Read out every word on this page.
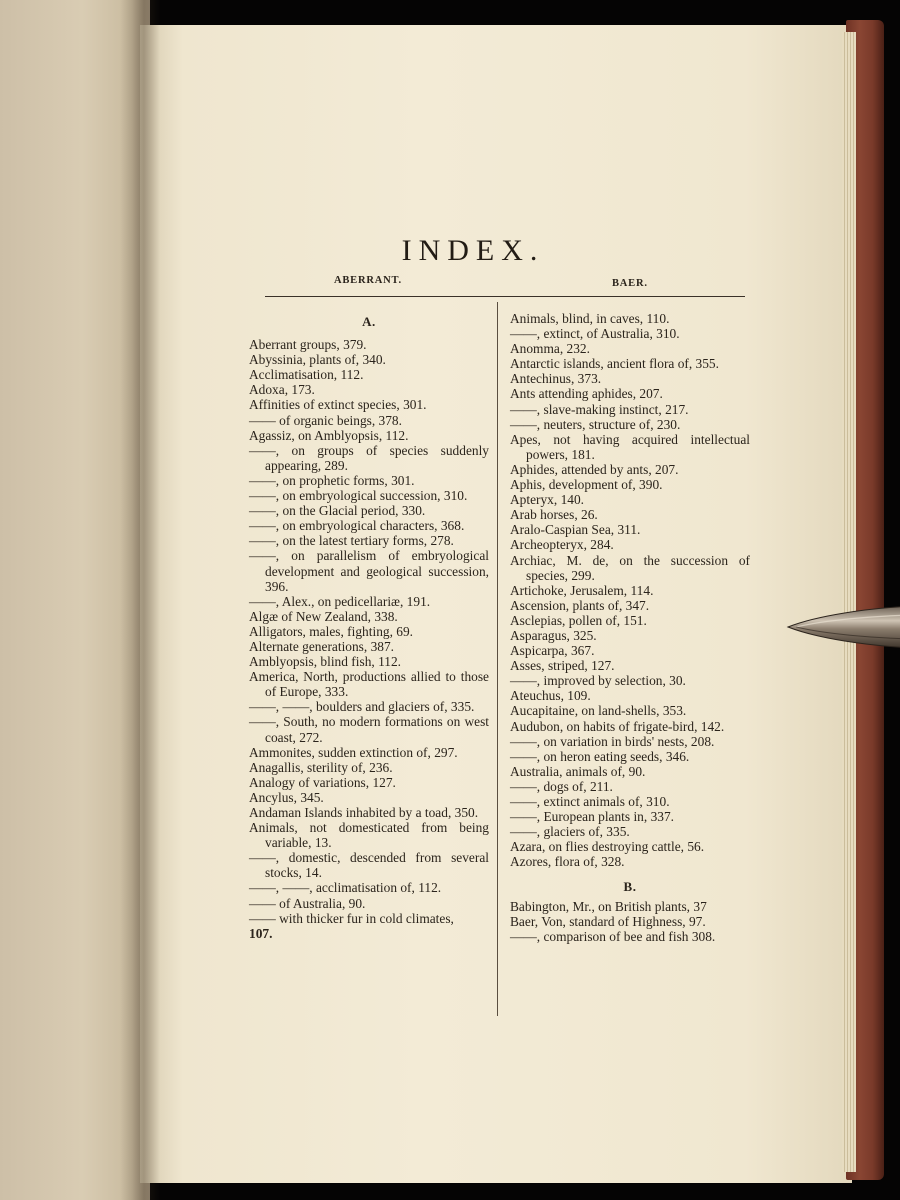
INDEX.
ABERRANT.	BAER.

A.

Aberrant groups, 379.

Abyssinia, plants of, 340.

Acclimatisation, 112.

Adoxa, 173.

Affinities of extinct species, 301.

—— of organic beings, 378.

Agassiz, on Amblyopsis, 112.

——, on groups of species suddenly appearing, 289.

——, on prophetic forms, 301.

——, on embryological succession, 310.

——, on the Glacial period, 330.

——, on embryological characters, 368.

——, on the latest tertiary forms, 278.

——, on parallelism of embryological development and geological succession, 396.

——, Alex., on pedicellariæ, 191.

Algæ of New Zealand, 338.

Alligators, males, fighting, 69.

Alternate generations, 387.

Amblyopsis, blind fish, 112.

America, North, productions allied to those of Europe, 333.

——, ——, boulders and glaciers of, 335.

——, South, no modern formations on west coast, 272.

Ammonites, sudden extinction of, 297.

Anagallis, sterility of, 236.

Analogy of variations, 127.

Ancylus, 345.

Andaman Islands inhabited by a toad, 350.

Animals, not domesticated from being variable, 13.

——, domestic, descended from several stocks, 14.

——, ——, acclimatisation of, 112.

—— of Australia, 90.

—— with thicker fur in cold climates,

107.

Animals, blind, in caves, 110.

——, extinct, of Australia, 310.

Anomma, 232.

Antarctic islands, ancient flora of, 355.

Antechinus, 373.

Ants attending aphides, 207.

——, slave-making instinct, 217.

——, neuters, structure of, 230.

Apes, not having acquired intellectual powers, 181.

Aphides, attended by ants, 207.

Aphis, development of, 390.

Apteryx, 140.

Arab horses, 26.

Aralo-Caspian Sea, 311.

Archeopteryx, 284.

Archiac, M. de, on the succession of species, 299.

Artichoke, Jerusalem, 114.

Ascension, plants of, 347.

Asclepias, pollen of, 151.

Asparagus, 325.

Aspicarpa, 367.

Asses, striped, 127.

——, improved by selection, 30.

Ateuchus, 109.

Aucapitaine, on land-shells, 353.

Audubon, on habits of frigate-bird, 142.

——, on variation in birds' nests, 208.

——, on heron eating seeds, 346.

Australia, animals of, 90.

——, dogs of, 211.

——, extinct animals of, 310.

——, European plants in, 337.

——, glaciers of, 335.

Azara, on flies destroying cattle, 56.

Azores, flora of, 328.

B.

Babington, Mr., on British plants, 37

Baer, Von, standard of Highness, 97.

——, comparison of bee and fish 308.
